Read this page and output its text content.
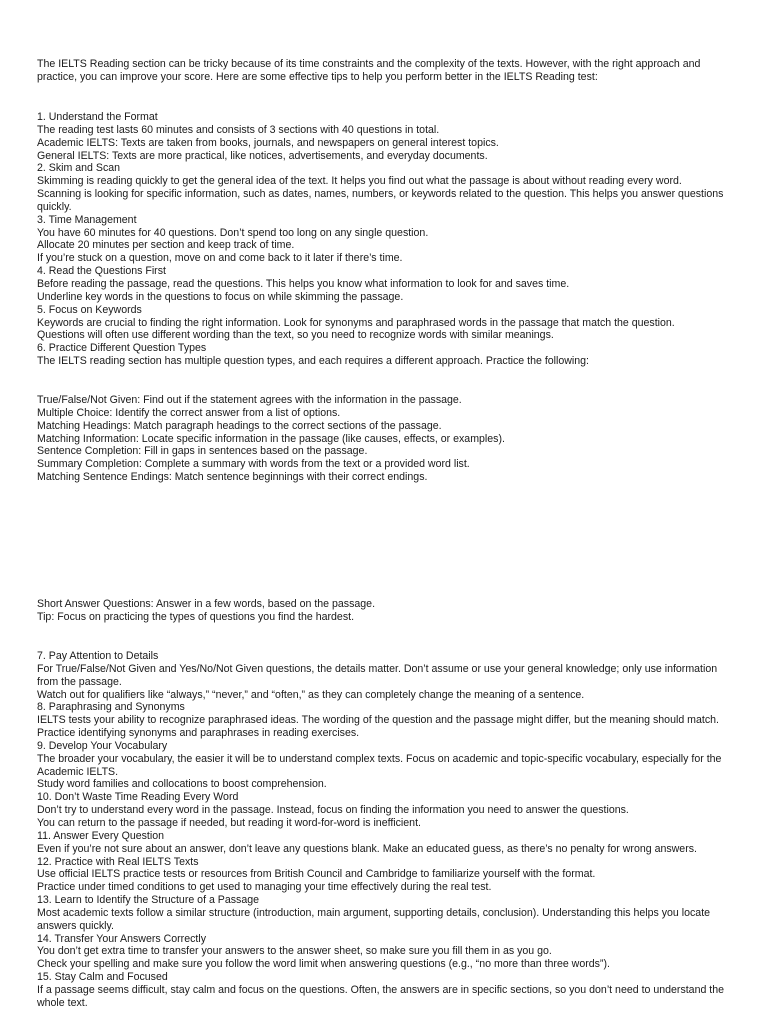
The IELTS Reading section can be tricky because of its time constraints and the complexity of the texts. However, with the right approach and practice, you can improve your score. Here are some effective tips to help you perform better in the IELTS Reading test:

1. Understand the Format
The reading test lasts 60 minutes and consists of 3 sections with 40 questions in total.
Academic IELTS: Texts are taken from books, journals, and newspapers on general interest topics.
General IELTS: Texts are more practical, like notices, advertisements, and everyday documents.
2. Skim and Scan
Skimming is reading quickly to get the general idea of the text. It helps you find out what the passage is about without reading every word.
Scanning is looking for specific information, such as dates, names, numbers, or keywords related to the question. This helps you answer questions quickly.
3. Time Management
You have 60 minutes for 40 questions. Don’t spend too long on any single question.
Allocate 20 minutes per section and keep track of time.
If you’re stuck on a question, move on and come back to it later if there’s time.
4. Read the Questions First
Before reading the passage, read the questions. This helps you know what information to look for and saves time.
Underline key words in the questions to focus on while skimming the passage.
5. Focus on Keywords
Keywords are crucial to finding the right information. Look for synonyms and paraphrased words in the passage that match the question.
Questions will often use different wording than the text, so you need to recognize words with similar meanings.
6. Practice Different Question Types
The IELTS reading section has multiple question types, and each requires a different approach. Practice the following:
True/False/Not Given: Find out if the statement agrees with the information in the passage.
Multiple Choice: Identify the correct answer from a list of options.
Matching Headings: Match paragraph headings to the correct sections of the passage.
Matching Information: Locate specific information in the passage (like causes, effects, or examples).
Sentence Completion: Fill in gaps in sentences based on the passage.
Summary Completion: Complete a summary with words from the text or a provided word list.
Matching Sentence Endings: Match sentence beginnings with their correct endings.
Short Answer Questions: Answer in a few words, based on the passage.
Tip: Focus on practicing the types of questions you find the hardest.
7. Pay Attention to Details
For True/False/Not Given and Yes/No/Not Given questions, the details matter. Don’t assume or use your general knowledge; only use information from the passage.
Watch out for qualifiers like “always,” “never,” and “often,” as they can completely change the meaning of a sentence.
8. Paraphrasing and Synonyms
IELTS tests your ability to recognize paraphrased ideas. The wording of the question and the passage might differ, but the meaning should match.
Practice identifying synonyms and paraphrases in reading exercises.
9. Develop Your Vocabulary
The broader your vocabulary, the easier it will be to understand complex texts. Focus on academic and topic-specific vocabulary, especially for the Academic IELTS.
Study word families and collocations to boost comprehension.
10. Don’t Waste Time Reading Every Word
Don’t try to understand every word in the passage. Instead, focus on finding the information you need to answer the questions.
You can return to the passage if needed, but reading it word-for-word is inefficient.
11. Answer Every Question
Even if you’re not sure about an answer, don’t leave any questions blank. Make an educated guess, as there’s no penalty for wrong answers.
12. Practice with Real IELTS Texts
Use official IELTS practice tests or resources from British Council and Cambridge to familiarize yourself with the format.
Practice under timed conditions to get used to managing your time effectively during the real test.
13. Learn to Identify the Structure of a Passage
Most academic texts follow a similar structure (introduction, main argument, supporting details, conclusion). Understanding this helps you locate answers quickly.
14. Transfer Your Answers Correctly
You don’t get extra time to transfer your answers to the answer sheet, so make sure you fill them in as you go.
Check your spelling and make sure you follow the word limit when answering questions (e.g., “no more than three words”).
15. Stay Calm and Focused
If a passage seems difficult, stay calm and focus on the questions. Often, the answers are in specific sections, so you don’t need to understand the whole text.
